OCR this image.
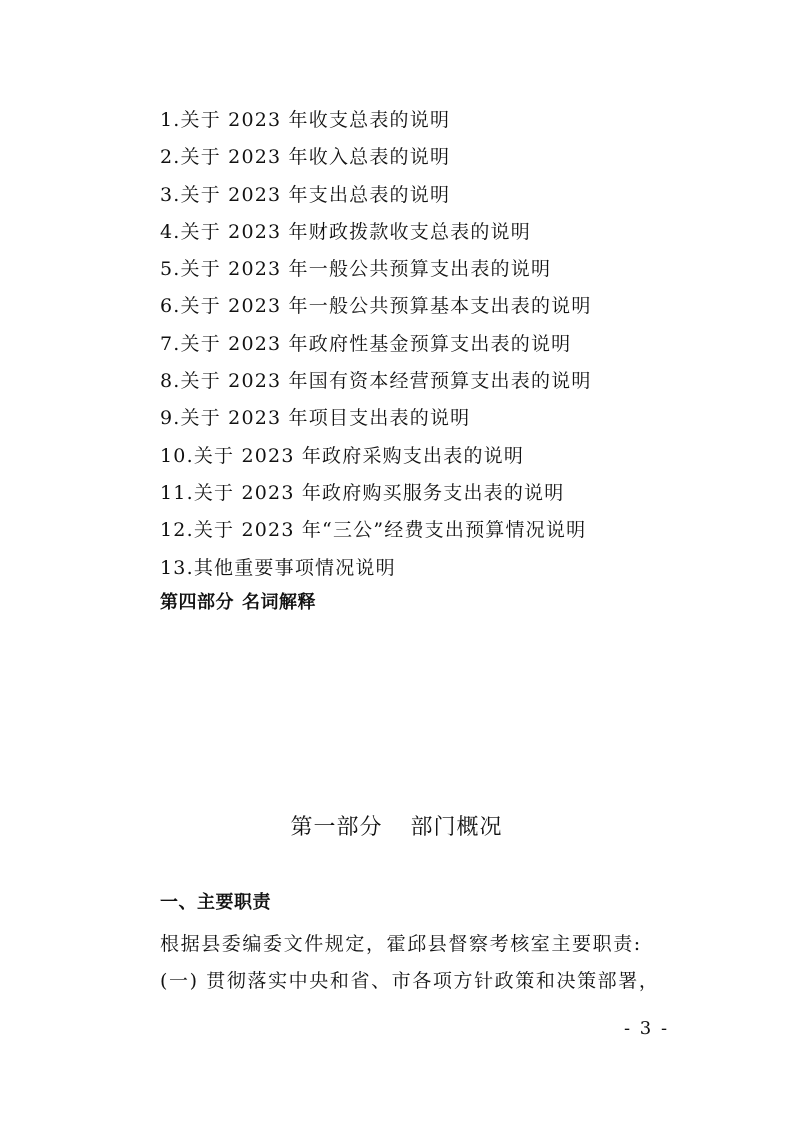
1.关于 2023 年收支总表的说明
2.关于 2023 年收入总表的说明
3.关于 2023 年支出总表的说明
4.关于 2023 年财政拨款收支总表的说明
5.关于 2023 年一般公共预算支出表的说明
6.关于 2023 年一般公共预算基本支出表的说明
7.关于 2023 年政府性基金预算支出表的说明
8.关于 2023 年国有资本经营预算支出表的说明
9.关于 2023 年项目支出表的说明
10.关于 2023 年政府采购支出表的说明
11.关于 2023 年政府购买服务支出表的说明
12.关于 2023 年“三公”经费支出预算情况说明
13.其他重要事项情况说明
第四部分 名词解释
第一部分 部门概况
一、主要职责
根据县委编委文件规定，霍邱县督察考核室主要职责:
(一) 贯彻落实中央和省、市各项方针政策和决策部署，
- 3 -
